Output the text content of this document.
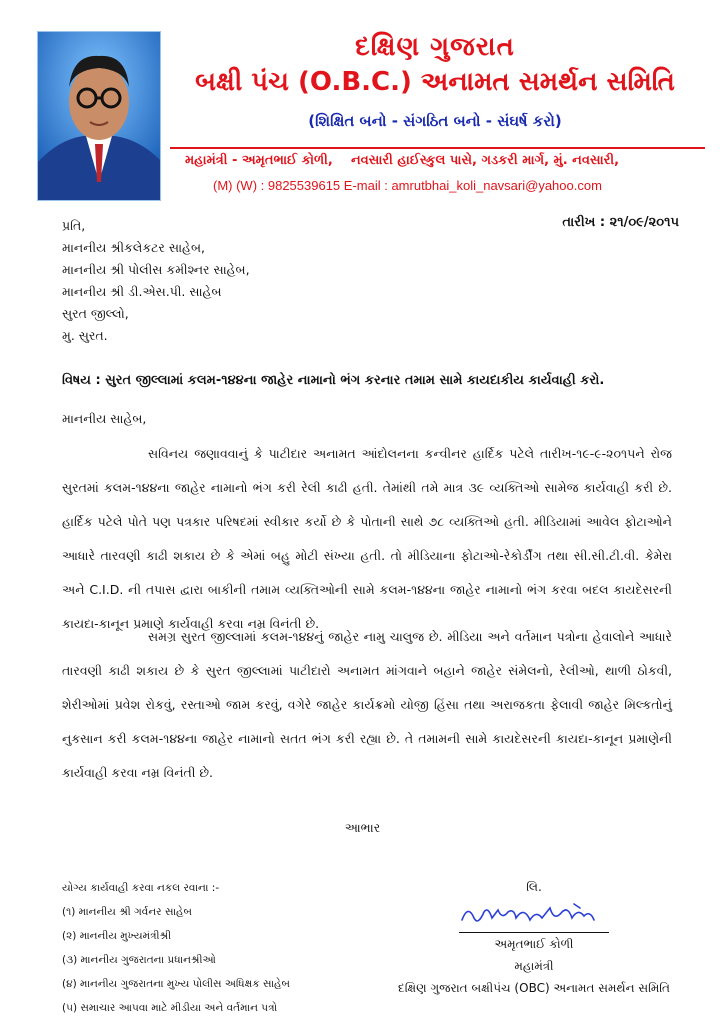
દક્ષિણ ગુજરાત
બક્ષી પંચ (O.B.C.) અનામત સમર્થન સમિતિ
(શિક્ષિત બનો - સંગઠિત બનો - સંઘર્ષ કરો)
મહામંત્રી - અમૃતભાઈ કોળી, નવસારી હાઈસ્કુલ પાસે, ગડકરી માર્ગ, મું. નવસારી,
(M) (W) : 9825539615 E-mail : amrutbhai_koli_navsari@yahoo.com
પ્રતિ,
માનનીય શ્રીકલેકટર સાહેબ,
માનનીય શ્રી પોલીસ કમીશ્નર સાહેબ,
માનનીય શ્રી ડી.એસ.પી. સાહેબ
સુરત જીલ્લો,
મુ. સુરત.
તારીખ : ૨૧/૦૯/૨૦૧૫
વિષય : સુરત જીલ્લામાં કલમ-૧૪૪ના જાહેર નામાનો ભંગ કરનાર તમામ સામે કાયદાકીય કાર્યવાહી કરો.
માનનીય સાહેબ,
સવિનય જણાવવાનું કે પાટીદાર અનામત આંદોલનના કન્વીનર હાર્દિક પટેલે તારીખ-૧૯-૯-૨૦૧૫ને રોજ સુરતમાં કલમ-૧૪૪ના જાહેર નામાનો ભંગ કરી રેલી કાઢી હતી. તેમાંથી તમે માત્ર ૩૯ વ્યક્તિઓ સામેજ કાર્યવાહી કરી છે. હાર્દિક પટેલે પોતે પણ પત્રકાર પરિષદમાં સ્વીકાર કર્યો છે કે પોતાની સાથે ૭૮ વ્યક્તિઓ હતી. મીડિયામાં આવેલ ફોટાઓને આધારે તારવણી કાઢી શકાય છે કે એમાં બહુ મોટી સંખ્યા હતી. તો મીડિયાના ફોટાઓ-રેકોર્ડીંગ તથા સી.સી.ટી.વી. કેમેરા અને C.I.D. ની તપાસ દ્વારા બાકીની તમામ વ્યક્તિઓની સામે કલમ-૧૪૪ના જાહેર નામાનો ભંગ કરવા બદલ કાયદેસરની કાયદા-કાનૂન પ્રમાણે કાર્યવાહી કરવા નમ્ર વિનંતી છે.
સમગ્ર સુરત જીલ્લામાં કલમ-૧૪૪નું જાહેર નામુ ચાલુજ છે. મીડિયા અને વર્તમાન પત્રોના હેવાલોને આધારે તારવણી કાઢી શકાય છે કે સુરત જીલ્લામાં પાટીદારો અનામત માંગવાને બહાને જાહેર સંમેલનો, રેલીઓ, થાળી ઠોકવી, શેરીઓમાં પ્રવેશ રોકવું, રસ્તાઓ જામ કરવું, વગેરે જાહેર કાર્યક્રમો યોજી હિંસા તથા અરાજકતા ફેલાવી જાહેર મિલ્કતોનું નુકસાન કરી કલમ-૧૪૪ના જાહેર નામાનો સતત ભંગ કરી રહ્યા છે. તે તમામની સામે કાયદેસરની કાયદા-કાનૂન પ્રમાણેની કાર્યવાહી કરવા નમ્ર વિનંતી છે.
આભાર
યોગ્ય કાર્યવાહી કરવા નકલ રવાના :-
(૧) માનનીય શ્રી ગર્વનર સાહેબ
(૨) માનનીય મુખ્યમંત્રીશ્રી
(૩) માનનીય ગુજરાતના પ્રધાનશ્રીઓ
(૪) માનનીય ગુજરાતના મુખ્ય પોલીસ અધિક્ષક સાહેબ
(૫) સમાચાર આપવા માટે મીડીયા અને વર્તમાન પત્રો
લિ.
અમૃતભાઈ કોળી
મહામંત્રી
દક્ષિણ ગુજરાત બક્ષીપંચ (OBC) અનામત સમર્થન સમિતિ
